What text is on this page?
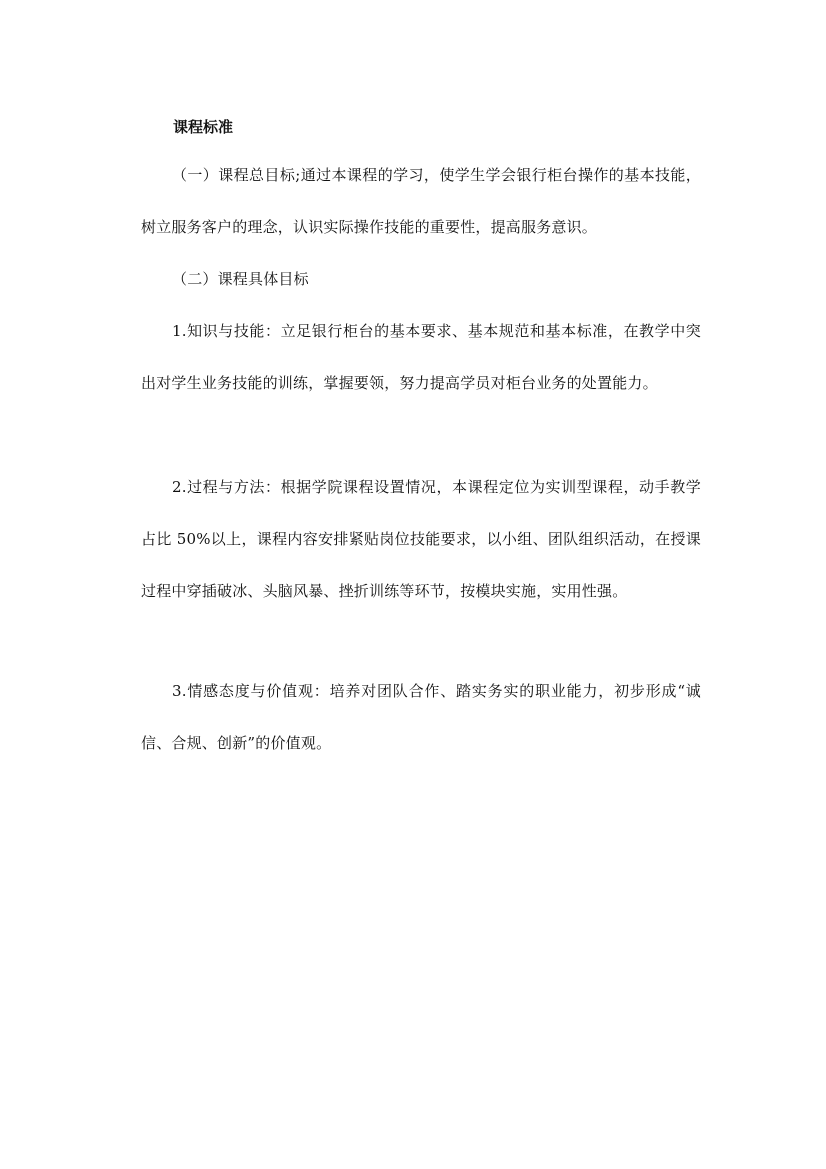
课程标准

（一）课程总目标;通过本课程的学习，使学生学会银行柜台操作的基本技能，树立服务客户的理念，认识实际操作技能的重要性，提高服务意识。

（二）课程具体目标

1.知识与技能：立足银行柜台的基本要求、基本规范和基本标准，在教学中突出对学生业务技能的训练，掌握要领，努力提高学员对柜台业务的处置能力。

2.过程与方法：根据学院课程设置情况，本课程定位为实训型课程，动手教学占比 50%以上，课程内容安排紧贴岗位技能要求，以小组、团队组织活动，在授课过程中穿插破冰、头脑风暴、挫折训练等环节，按模块实施，实用性强。

3.情感态度与价值观：培养对团队合作、踏实务实的职业能力，初步形成“诚信、合规、创新”的价值观。
